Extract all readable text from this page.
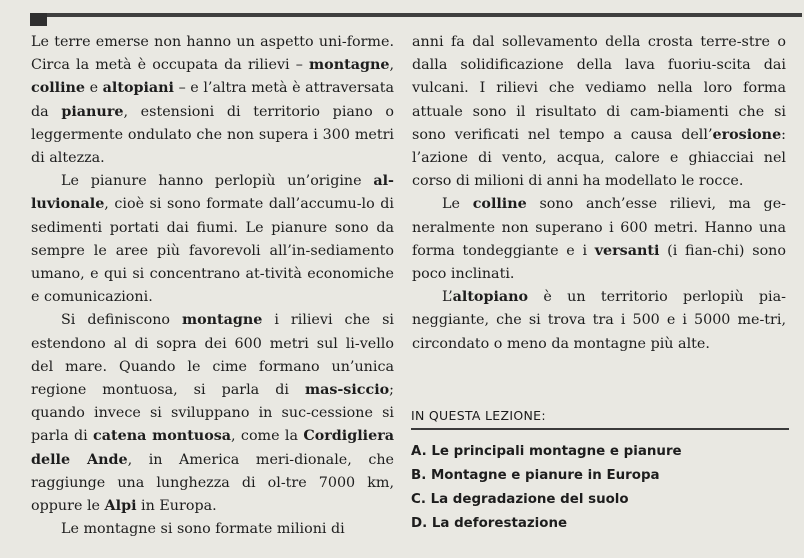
Le terre emerse non hanno un aspetto uni-forme. Circa la metà è occupata da rilievi – montagne, colline e altopiani – e l’altra metà è attraversata da pianure, estensioni di territorio piano o leggermente ondulato che non supera i 300 metri di altezza.

Le pianure hanno perlopiù un’origine al-luvionale, cioè si sono formate dall’accumu-lo di sedimenti portati dai fiumi. Le pianure sono da sempre le aree più favorevoli all’in-sediamento umano, e qui si concentrano at-tività economiche e comunicazioni.

Si definiscono montagne i rilievi che si estendono al di sopra dei 600 metri sul li-vello del mare. Quando le cime formano un’unica regione montuosa, si parla di mas-siccio; quando invece si sviluppano in suc-cessione si parla di catena montuosa, come la Cordigliera delle Ande, in America meri-dionale, che raggiunge una lunghezza di ol-tre 7000 km, oppure le Alpi in Europa.

Le montagne si sono formate milioni di

anni fa dal sollevamento della crosta terre-stre o dalla solidificazione della lava fuoriu-scita dai vulcani. I rilievi che vediamo nella loro forma attuale sono il risultato di cam-biamenti che si sono verificati nel tempo a causa dell’erosione: l’azione di vento, acqua, calore e ghiacciai nel corso di milioni di anni ha modellato le rocce.

Le colline sono anch’esse rilievi, ma ge-neralmente non superano i 600 metri. Hanno una forma tondeggiante e i versanti (i fian-chi) sono poco inclinati.

L’altopiano è un territorio perlopiù pia-neggiante, che si trova tra i 500 e i 5000 me-tri, circondato o meno da montagne più alte.

IN QUESTA LEZIONE:
A. Le principali montagne e pianure
B. Montagne e pianure in Europa
C. La degradazione del suolo
D. La deforestazione
